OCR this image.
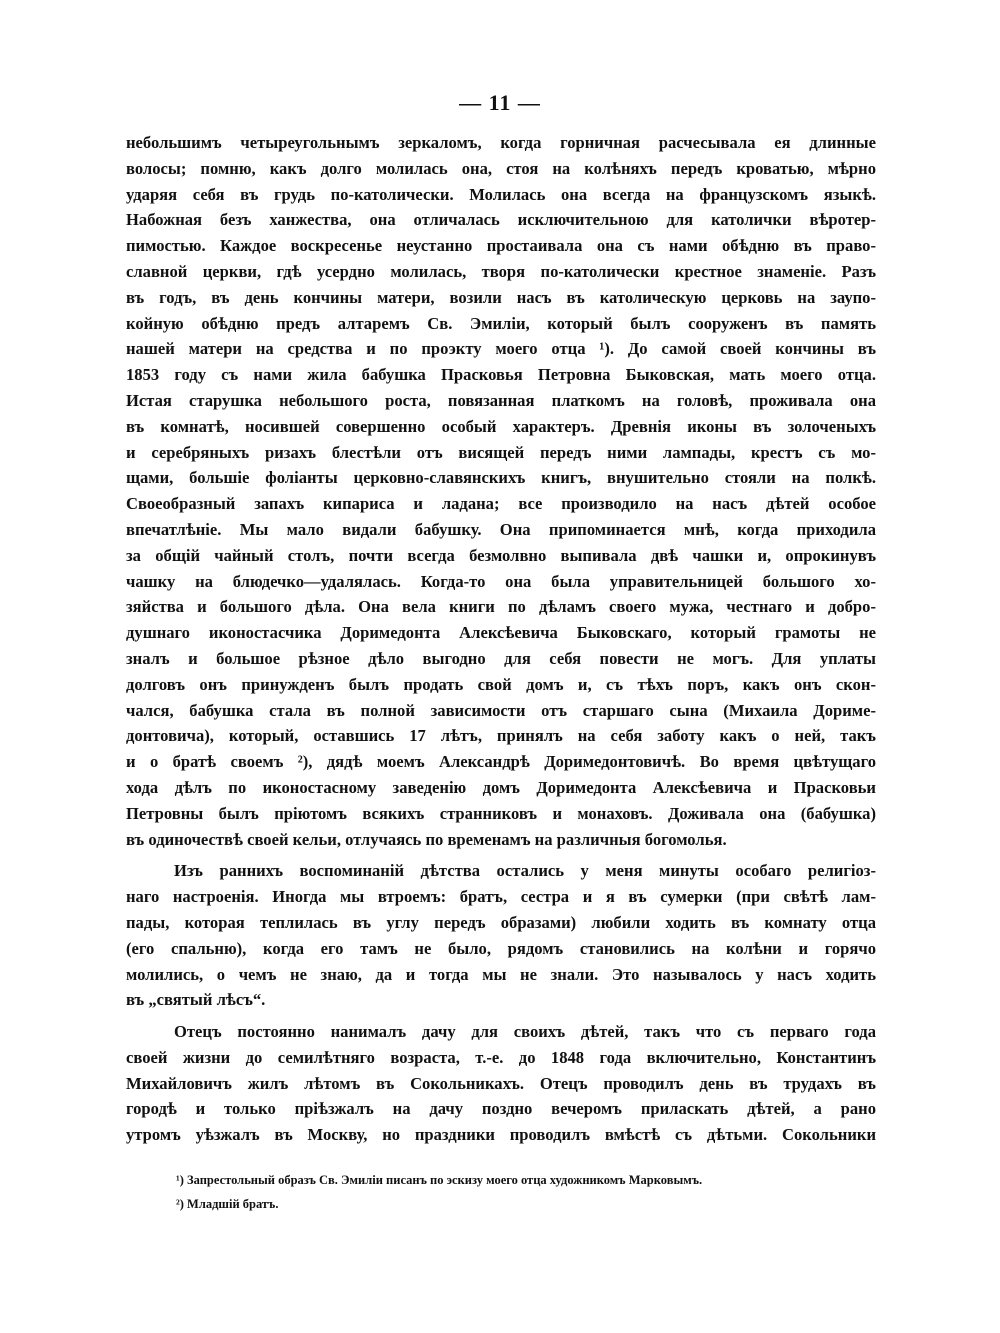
— 11 —
небольшимъ четыреугольнымъ зеркаломъ, когда горничная расчесывала ея длинные
волосы; помню, какъ долго молилась она, стоя на колѣняхъ передъ кроватью, мѣрно
ударяя себя въ грудь по-католически. Молилась она всегда на французскомъ языкѣ.
Набожная безъ ханжества, она отличалась исключительною для католички вѣротер-
пимостью. Каждое воскресенье неустанно простаивала она съ нами обѣдню въ право-
славной церкви, гдѣ усердно молилась, творя по-католически крестное знаменіе. Разъ
въ годъ, въ день кончины матери, возили насъ въ католическую церковь на заупо-
койную обѣдню предъ алтаремъ Св. Эмиліи, который былъ сооруженъ въ память
нашей матери на средства и по проэкту моего отца ¹). До самой своей кончины въ
1853 году съ нами жила бабушка Прасковья Петровна Быковская, мать моего отца.
Истая старушка небольшого роста, повязанная платкомъ на головѣ, проживала она
въ комнатѣ, носившей совершенно особый характеръ. Древнія иконы въ золоченыхъ
и серебряныхъ ризахъ блестѣли отъ висящей передъ ними лампады, крестъ съ мо-
щами, большіе фоліанты церковно-славянскихъ книгъ, внушительно стояли на полкѣ.
Своеобразный запахъ кипариса и ладана; все производило на насъ дѣтей особое
впечатлѣніе. Мы мало видали бабушку. Она припоминается мнѣ, когда приходила
за общій чайный столъ, почти всегда безмолвно выпивала двѣ чашки и, опрокинувъ
чашку на блюдечко—удалялась. Когда-то она была управительницей большого хо-
зяйства и большого дѣла. Она вела книги по дѣламъ своего мужа, честнаго и добро-
душнаго иконостасчика Доримедонта Алексѣевича Быковскаго, который грамоты не
зналъ и большое рѣзное дѣло выгодно для себя повести не могъ. Для уплаты
долговъ онъ принужденъ былъ продать свой домъ и, съ тѣхъ поръ, какъ онъ скон-
чался, бабушка стала въ полной зависимости отъ старшаго сына (Михаила Дориме-
донтовича), который, оставшись 17 лѣтъ, принялъ на себя заботу какъ о ней, такъ
и о братѣ своемъ ²), дядѣ моемъ Александрѣ Доримедонтовичѣ. Во время цвѣтущаго
хода дѣлъ по иконостасному заведенію домъ Доримедонта Алексѣевича и Прасковьи
Петровны былъ пріютомъ всякихъ странниковъ и монаховъ. Доживала она (бабушка)
въ одиночествѣ своей кельи, отлучаясь по временамъ на различныя богомолья.
Изъ раннихъ воспоминаній дѣтства остались у меня минуты особаго религіоз-
наго настроенія. Иногда мы втроемъ: братъ, сестра и я въ сумерки (при свѣтѣ лам-
пады, которая теплилась въ углу передъ образами) любили ходить въ комнату отца
(его спальню), когда его тамъ не было, рядомъ становились на колѣни и горячо
молились, о чемъ не знаю, да и тогда мы не знали. Это называлось у насъ ходить
въ „святый лѣсъ“.
Отецъ постоянно нанималъ дачу для своихъ дѣтей, такъ что съ перваго года
своей жизни до семилѣтняго возраста, т.-е. до 1848 года включительно, Константинъ
Михайловичъ жилъ лѣтомъ въ Сокольникахъ. Отецъ проводилъ день въ трудахъ въ
городѣ и только пріѣзжалъ на дачу поздно вечеромъ приласкать дѣтей, а рано
утромъ уѣзжалъ въ Москву, но праздники проводилъ вмѣстѣ съ дѣтьми. Сокольники
¹) Запрестольный образъ Св. Эмиліи писанъ по эскизу моего отца художникомъ Марковымъ.
²) Младшій братъ.
